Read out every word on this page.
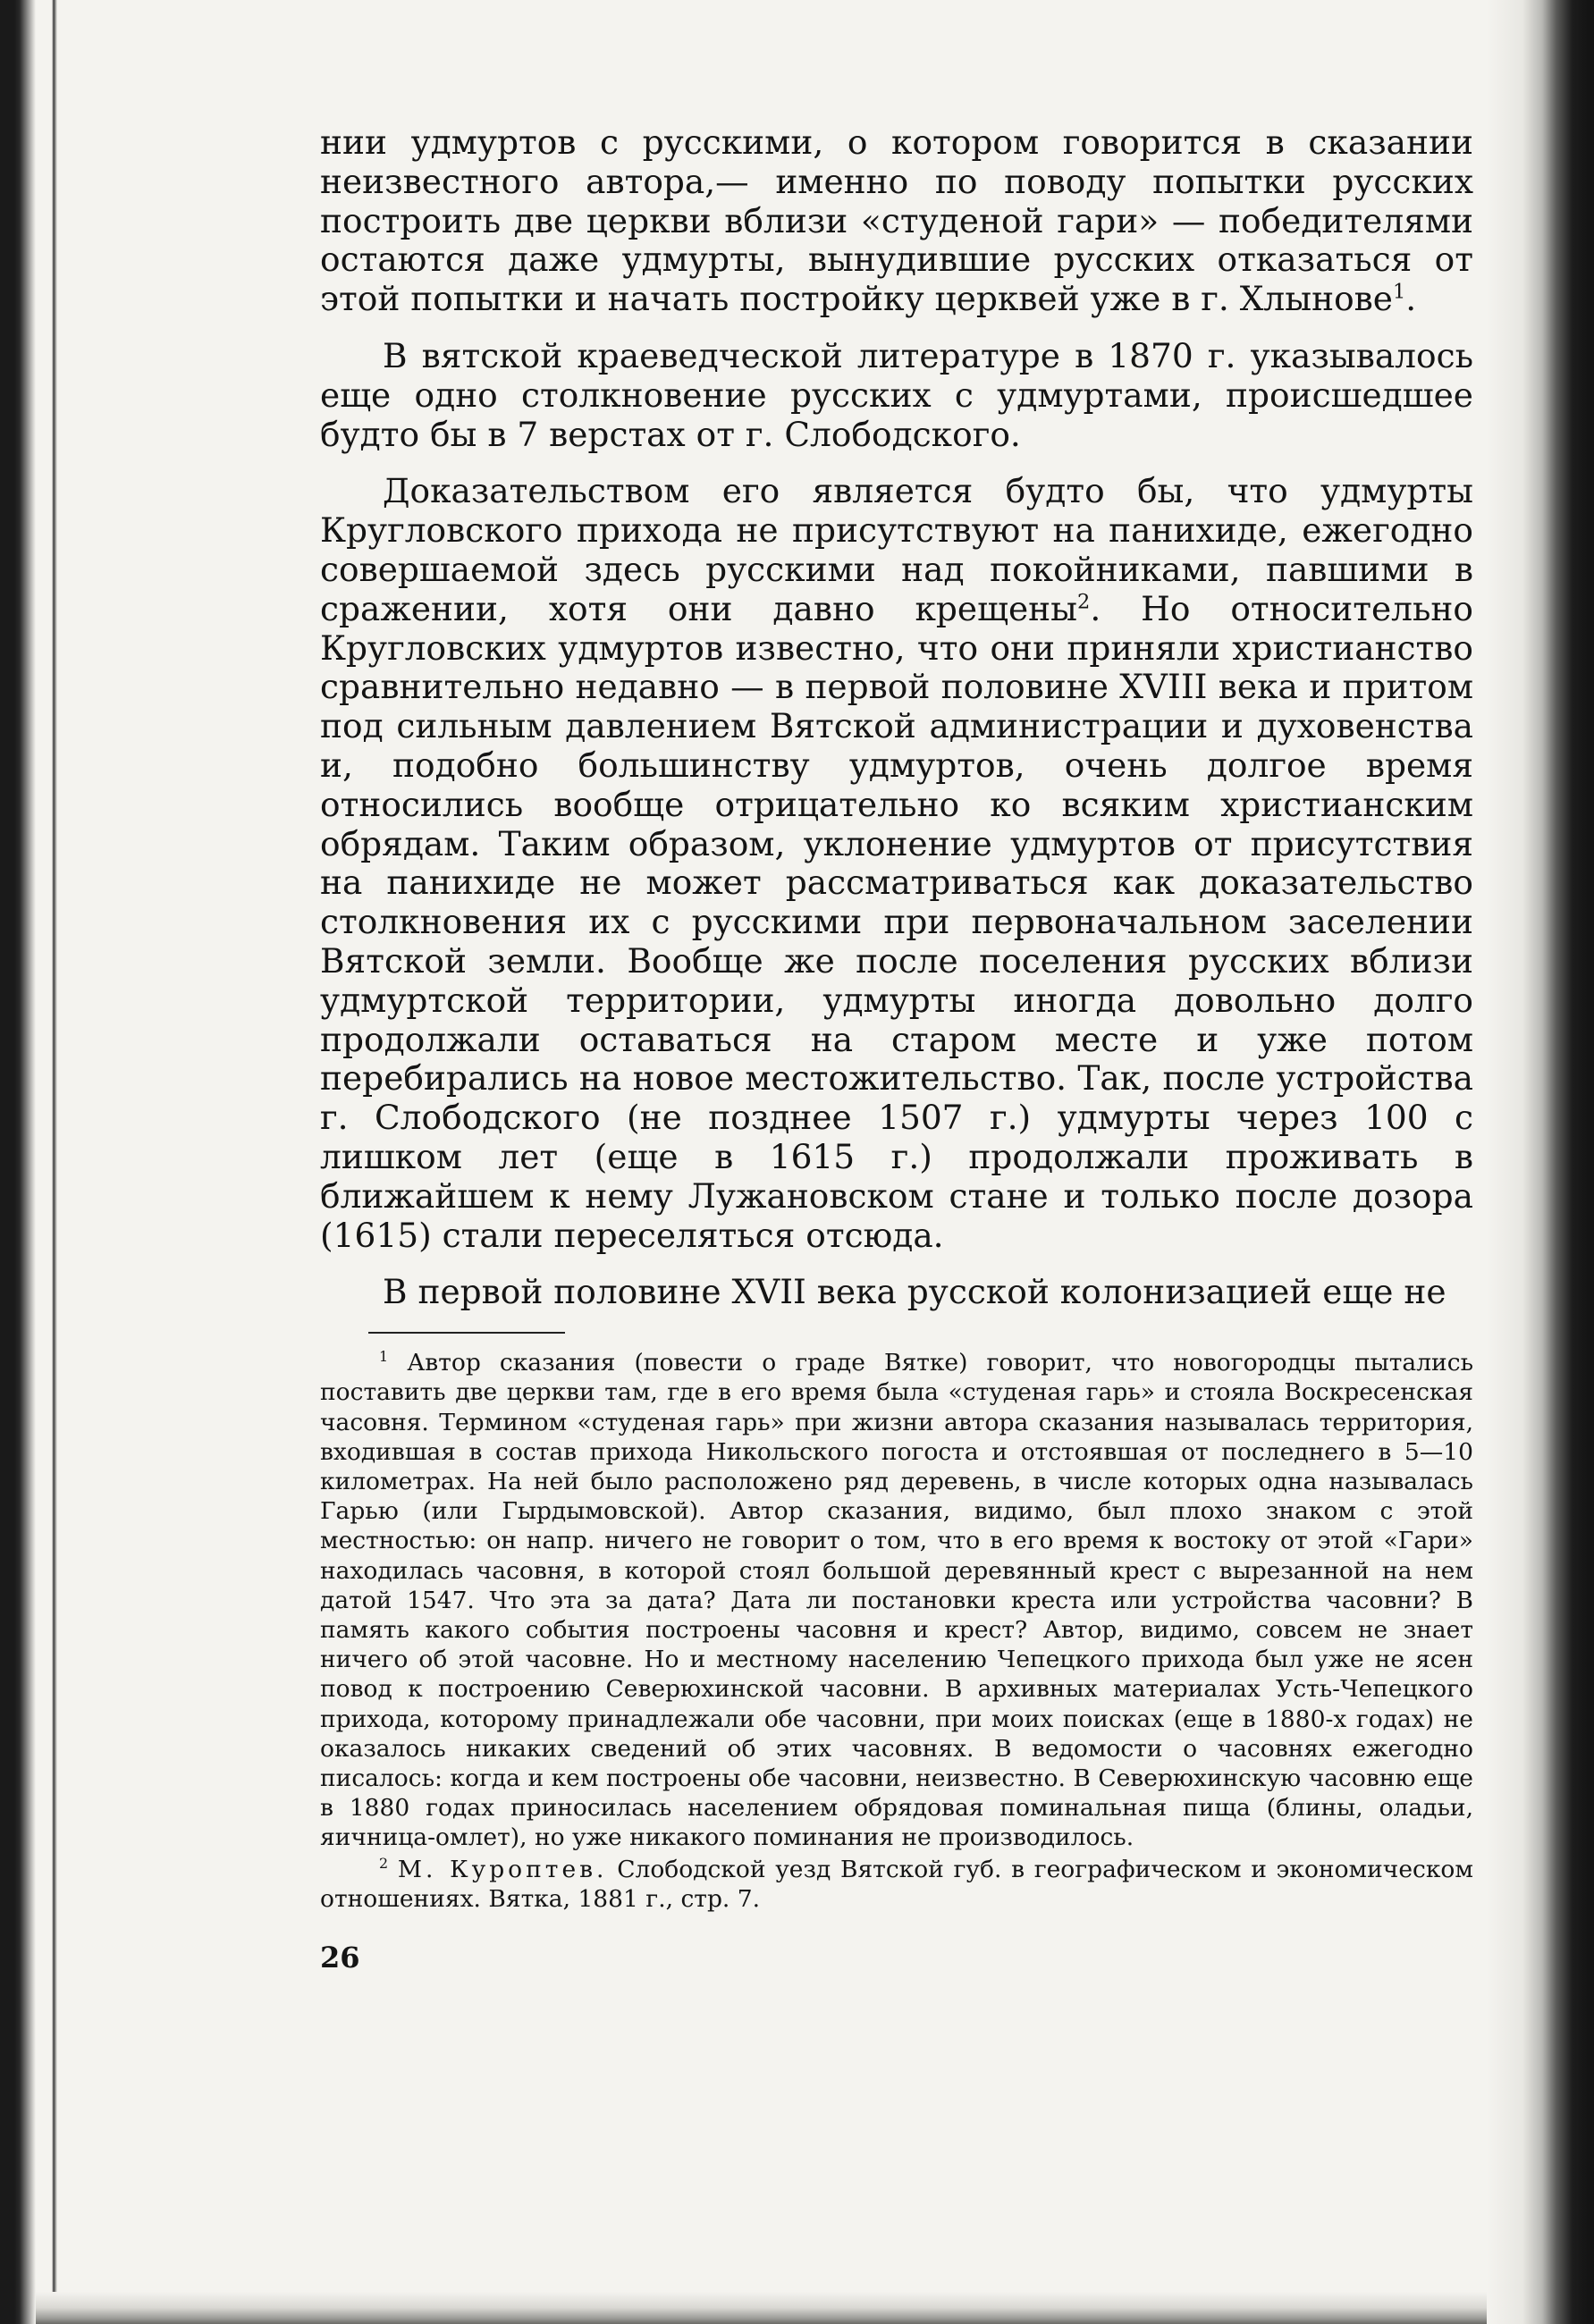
нии удмуртов с русскими, о котором говорится в сказании неизвестного автора,— именно по поводу попытки русских построить две церкви вблизи «студеной гари» — победителями остаются даже удмурты, вынудившие русских отказаться от этой попытки и начать постройку церквей уже в г. Хлынове$^1$.

В вятской краеведческой литературе в 1870 г. указывалось еще одно столкновение русских с удмуртами, происшедшее будто бы в 7 верстах от г. Слободского.

Доказательством его является будто бы, что удмурты Кругловского прихода не присутствуют на панихиде, ежегодно совершаемой здесь русскими над покойниками, павшими в сражении, хотя они давно крещены$^2$. Но относительно Кругловских удмуртов известно, что они приняли христианство сравнительно недавно — в первой половине XVIII века и притом под сильным давлением Вятской администрации и духовенства и, подобно большинству удмуртов, очень долгое время относились вообще отрицательно ко всяким христианским обрядам. Таким образом, уклонение удмуртов от присутствия на панихиде не может рассматриваться как доказательство столкновения их с русскими при первоначальном заселении Вятской земли. Вообще же после поселения русских вблизи удмуртской территории, удмурты иногда довольно долго продолжали оставаться на старом месте и уже потом перебирались на новое местожительство. Так, после устройства г. Слободского (не позднее 1507 г.) удмурты через 100 с лишком лет (еще в 1615 г.) продолжали проживать в ближайшем к нему Лужановском стане и только после дозора (1615) стали переселяться отсюда.

В первой половине XVII века русской колонизацией еще не

$^1$ Автор сказания (повести о граде Вятке) говорит, что новогородцы пытались поставить две церкви там, где в его время была «студеная гарь» и стояла Воскресенская часовня. Термином «студеная гарь» при жизни автора сказания называлась территория, входившая в состав прихода Никольского погоста и отстоявшая от последнего в 5—10 километрах. На ней было расположено ряд деревень, в числе которых одна называлась Гарью (или Гырдымовской). Автор сказания, видимо, был плохо знаком с этой местностью: он напр. ничего не говорит о том, что в его время к востоку от этой «Гари» находилась часовня, в которой стоял большой деревянный крест с вырезанной на нем датой 1547. Что эта за дата? Дата ли постановки креста или устройства часовни? В память какого события построены часовня и крест? Автор, видимо, совсем не знает ничего об этой часовне. Но и местному населению Чепецкого прихода был уже не ясен повод к построению Северюхинской часовни. В архивных материалах Усть-Чепецкого прихода, которому принадлежали обе часовни, при моих поисках (еще в 1880-х годах) не оказалось никаких сведений об этих часовнях. В ведомости о часовнях ежегодно писалось: когда и кем построены обе часовни, неизвестно. В Северюхинскую часовню еще в 1880 годах приносилась населением обрядовая поминальная пища (блины, оладьи, яичница-омлет), но уже никакого поминания не производилось.

$^2$ М. Куроптев. Слободской уезд Вятской губ. в географическом и экономическом отношениях. Вятка, 1881 г., стр. 7.

26
